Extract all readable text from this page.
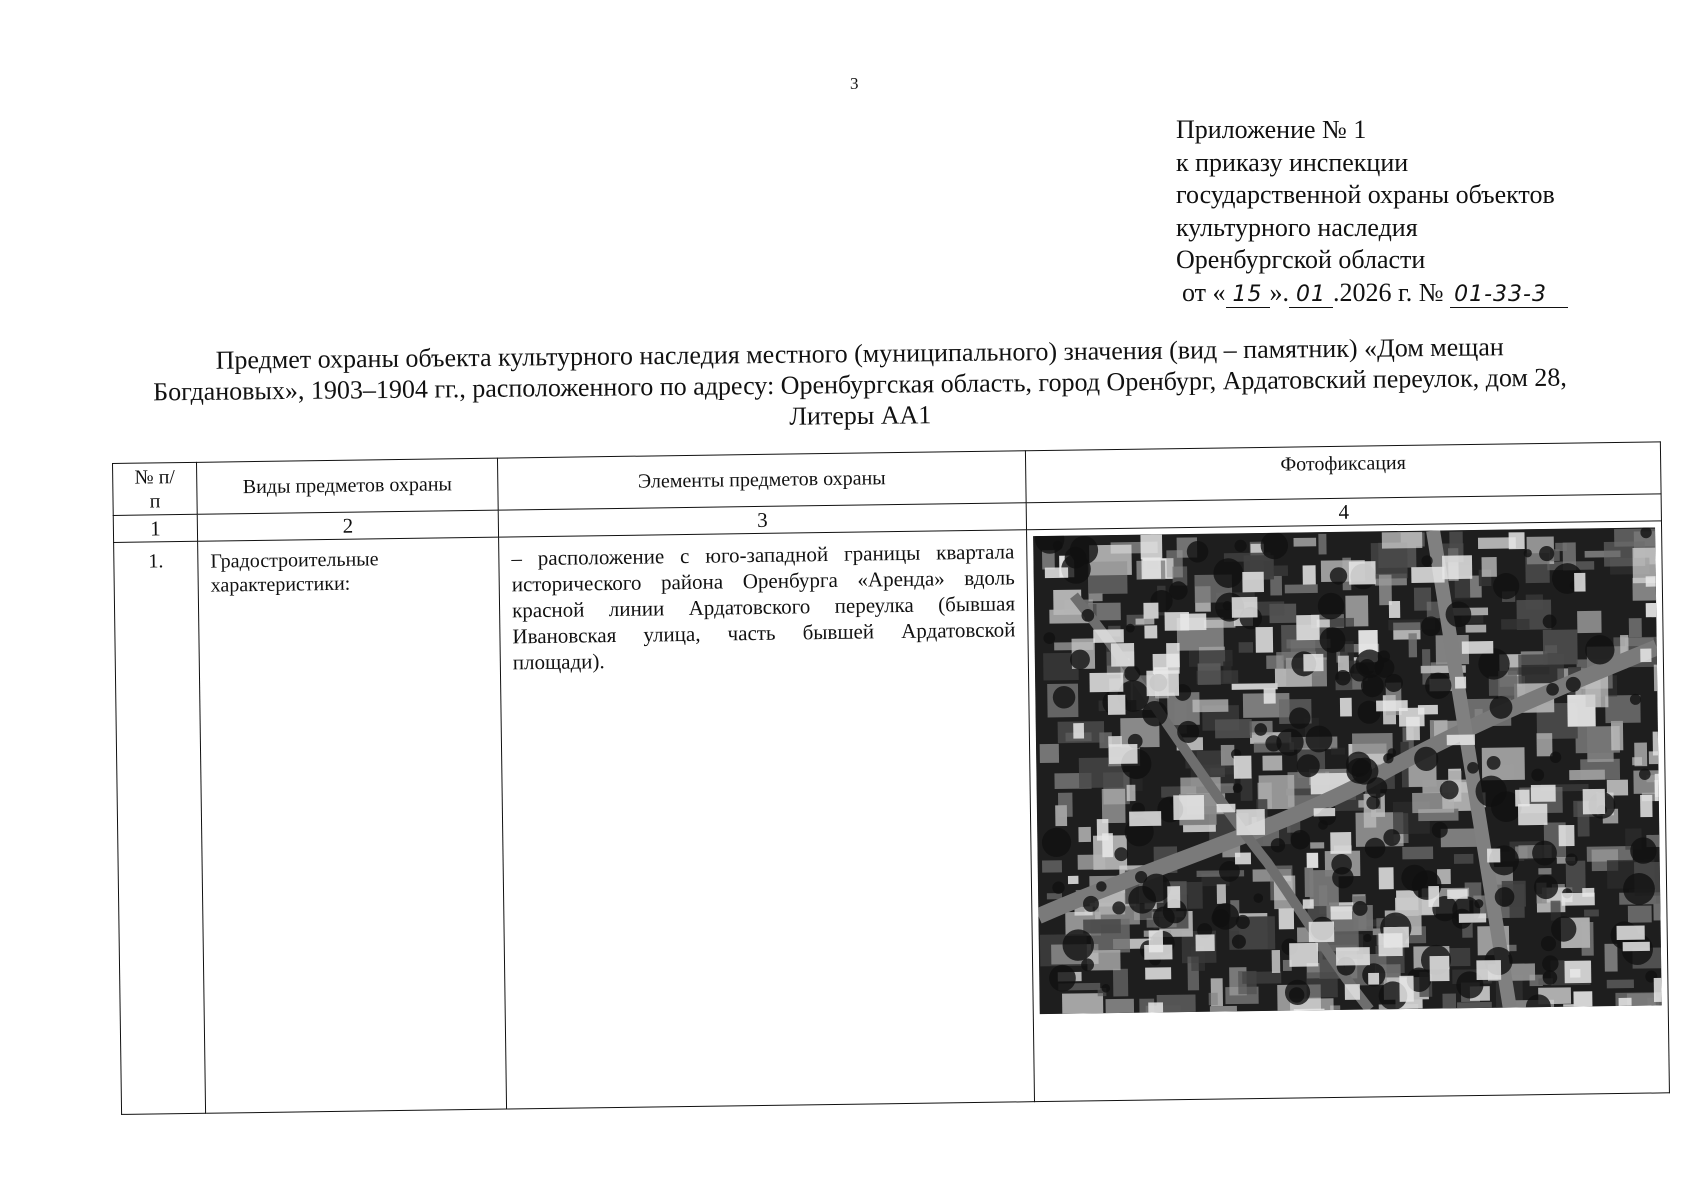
3
Приложение № 1
к приказу инспекции
государственной охраны объектов
культурного наследия
Оренбургской области
от « 15 ». 01 .2026 г. № 01-33-3
Предмет охраны объекта культурного наследия местного (муниципального) значения (вид – памятник) «Дом мещан
Богдановых», 1903–1904 гг., расположенного по адресу: Оренбургская область, город Оренбург, Ардатовский переулок, дом 28,
Литеры АА1
№ п/п	Виды предметов охраны	Элементы предметов охраны	Фотофиксация
1	2	3	4
1.	Градостроительные характеристики:	– расположение с юго-западной границы квартала исторического района Оренбурга «Аренда» вдоль красной линии Ардатовского переулка (бывшая Ивановская улица, часть бывшей Ардатовской площади).	
